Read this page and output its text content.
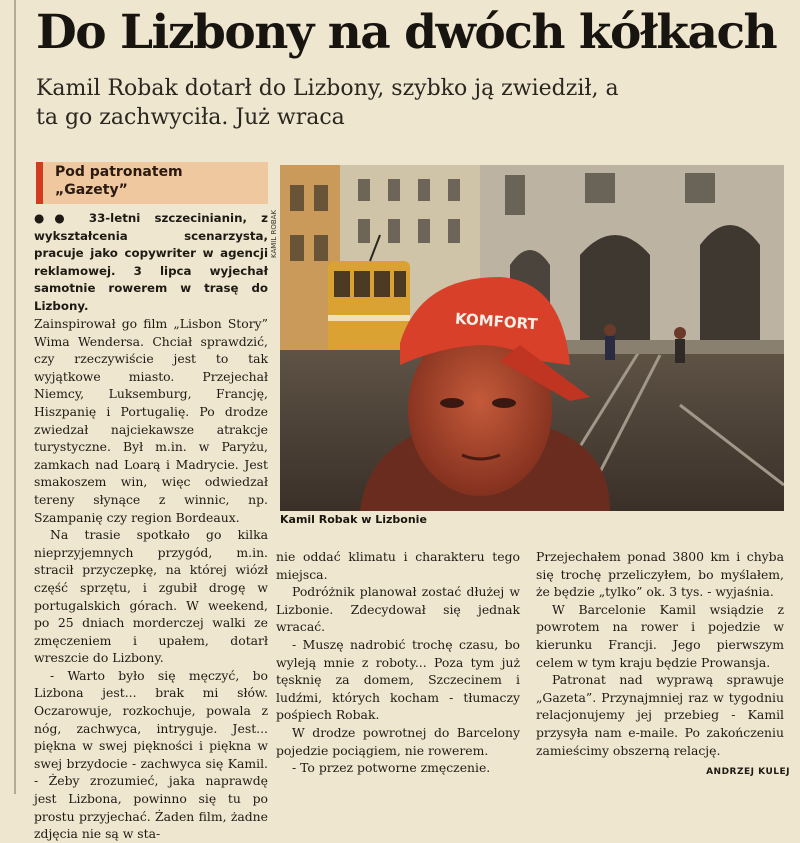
Do Lizbony na dwóch kółkach
Kamil Robak dotarł do Lizbony, szybko ją zwiedził, a ta go zachwyciła. Już wraca
Pod patronatem
„Gazety”
KAMIL ROBAK
KOMFORT
Kamil Robak w Lizbonie

●● 33-letni szczecinianin, z wykształcenia scenarzysta, pracuje jako copywriter w agencji reklamowej. 3 lipca wyjechał samotnie rowerem w trasę do Lizbony.

Zainspirował go film „Lisbon Story” Wima Wendersa. Chciał sprawdzić, czy rzeczywiście jest to tak wyjątkowe miasto. Przejechał Niemcy, Luksemburg, Francję, Hiszpanię i Portugalię. Po drodze zwiedzał najciekawsze atrakcje turystyczne. Był m.in. w Paryżu, zamkach nad Loarą i Madrycie. Jest smakoszem win, więc odwiedzał tereny słynące z winnic, np. Szampanię czy region Bordeaux.

Na trasie spotkało go kilka nieprzyjemnych przygód, m.in. stracił przyczepkę, na której wiózł część sprzętu, i zgubił drogę w portugalskich górach. W weekend, po 25 dniach morderczej walki ze zmęczeniem i upałem, dotarł wreszcie do Lizbony.

- Warto było się męczyć, bo Lizbona jest... brak mi słów. Oczarowuje, rozkochuje, powala z nóg, zachwyca, intryguje. Jest... piękna w swej piękności i piękna w swej brzydocie - zachwyca się Kamil. - Żeby zrozumieć, jaka naprawdę jest Lizbona, powinno się tu po prostu przyjechać. Żaden film, żadne zdjęcia nie są w sta-

nie oddać klimatu i charakteru tego miejsca.

Podróżnik planował zostać dłużej w Lizbonie. Zdecydował się jednak wracać.

- Muszę nadrobić trochę czasu, bo wyleją mnie z roboty... Poza tym już tęsknię za domem, Szczecinem i ludźmi, których kocham - tłumaczy pośpiech Robak.

W drodze powrotnej do Barcelony pojedzie pociągiem, nie rowerem.

- To przez potworne zmęczenie.

Przejechałem ponad 3800 km i chyba się trochę przeliczyłem, bo myślałem, że będzie „tylko” ok. 3 tys. - wyjaśnia.

W Barcelonie Kamil wsiądzie z powrotem na rower i pojedzie w kierunku Francji. Jego pierwszym celem w tym kraju będzie Prowansja.

Patronat nad wyprawą sprawuje „Gazeta”. Przynajmniej raz w tygodniu relacjonujemy jej przebieg - Kamil przysyła nam e-maile. Po zakończeniu zamieścimy obszerną relację.

ANDRZEJ KULEJ
